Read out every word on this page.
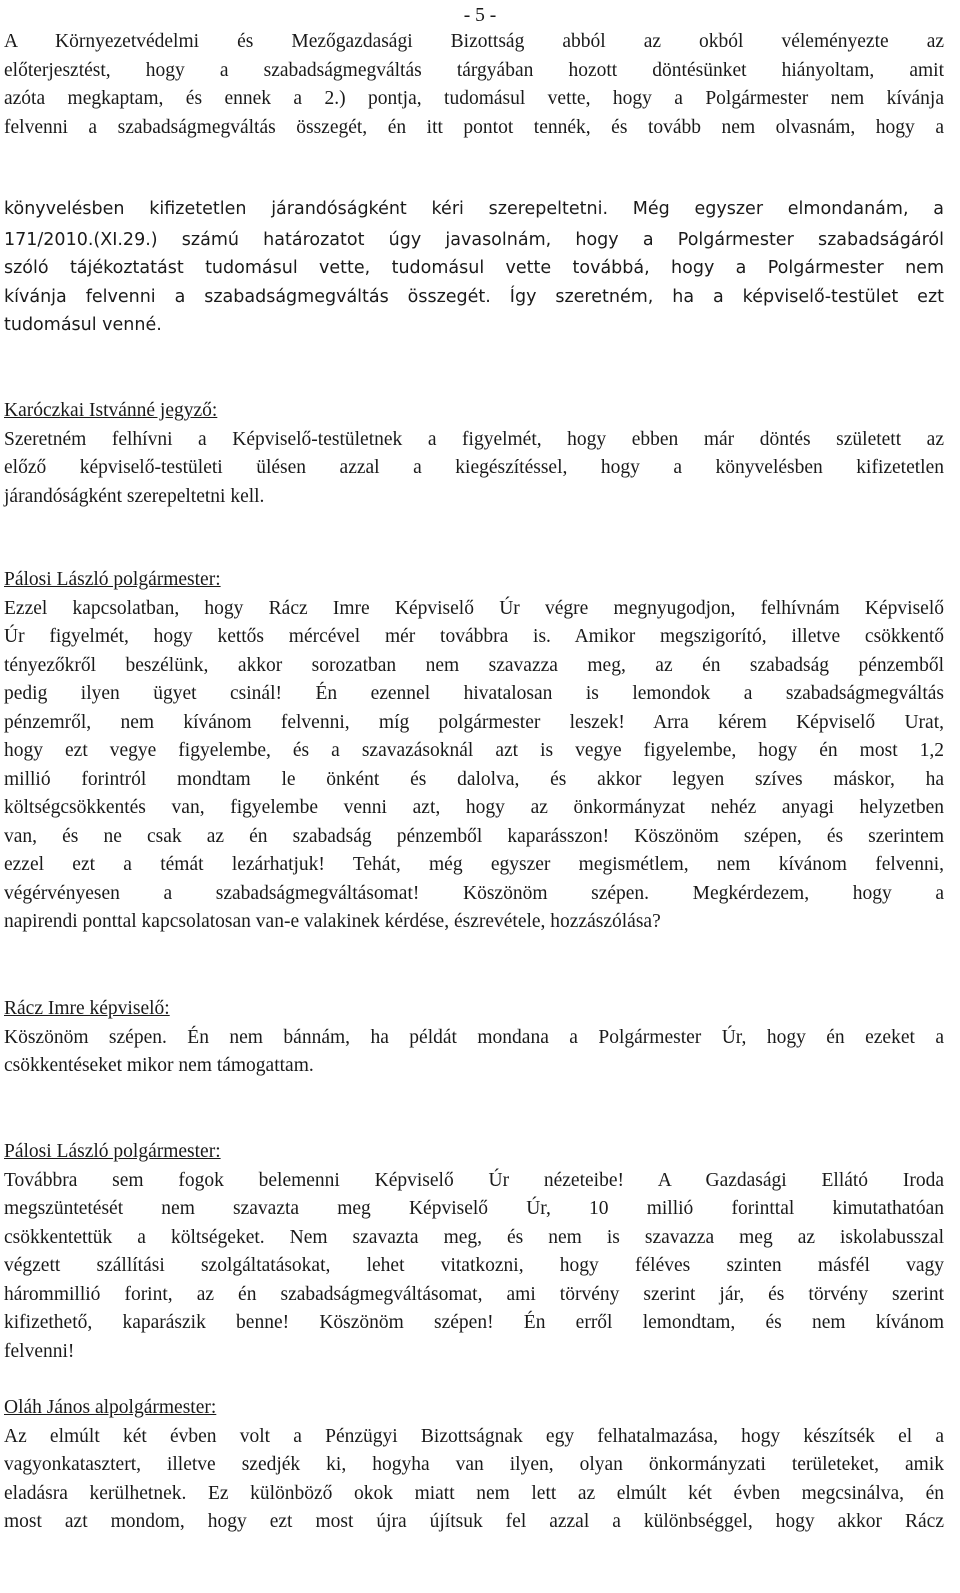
- 5 -
A Környezetvédelmi és Mezőgazdasági Bizottság abból az okból véleményezte az
előterjesztést, hogy a szabadságmegváltás tárgyában hozott döntésünket hiányoltam, amit
azóta megkaptam, és ennek a 2.) pontja, tudomásul vette, hogy a Polgármester nem kívánja
felvenni a szabadságmegváltás összegét, én itt pontot tennék, és tovább nem olvasnám, hogy a
könyvelésben kifizetetlen járandóságként kéri szerepeltetni. Még egyszer elmondanám, a
171/2010.(XI.29.) számú határozatot úgy javasolnám, hogy a Polgármester szabadságáról
szóló tájékoztatást tudomásul vette, tudomásul vette továbbá, hogy a Polgármester nem
kívánja felvenni a szabadságmegváltás összegét. Így szeretném, ha a képviselő-testület ezt
tudomásul venné.
Karóczkai Istvánné jegyző:
Szeretném felhívni a Képviselő-testületnek a figyelmét, hogy ebben már döntés született az
előző képviselő-testületi ülésen azzal a kiegészítéssel, hogy a könyvelésben kifizetetlen
járandóságként szerepeltetni kell.
Pálosi László polgármester:
Ezzel kapcsolatban, hogy Rácz Imre Képviselő Úr végre megnyugodjon, felhívnám Képviselő
Úr figyelmét, hogy kettős mércével mér továbbra is. Amikor megszigorító, illetve csökkentő
tényezőkről beszélünk, akkor sorozatban nem szavazza meg, az én szabadság pénzemből
pedig ilyen ügyet csinál! Én ezennel hivatalosan is lemondok a szabadságmegváltás
pénzemről, nem kívánom felvenni, míg polgármester leszek! Arra kérem Képviselő Urat,
hogy ezt vegye figyelembe, és a szavazásoknál azt is vegye figyelembe, hogy én most 1,2
millió forintról mondtam le önként és dalolva, és akkor legyen szíves máskor, ha
költségcsökkentés van, figyelembe venni azt, hogy az önkormányzat nehéz anyagi helyzetben
van, és ne csak az én szabadság pénzemből kaparásszon! Köszönöm szépen, és szerintem
ezzel ezt a témát lezárhatjuk! Tehát, még egyszer megismétlem, nem kívánom felvenni,
végérvényesen a szabadságmegváltásomat! Köszönöm szépen. Megkérdezem, hogy a
napirendi ponttal kapcsolatosan van-e valakinek kérdése, észrevétele, hozzászólása?
Rácz Imre képviselő:
Köszönöm szépen. Én nem bánnám, ha példát mondana a Polgármester Úr, hogy én ezeket a
csökkentéseket mikor nem támogattam.
Pálosi László polgármester:
Továbbra sem fogok belemenni Képviselő Úr nézeteibe! A Gazdasági Ellátó Iroda
megszüntetését nem szavazta meg Képviselő Úr, 10 millió forinttal kimutathatóan
csökkentettük a költségeket. Nem szavazta meg, és nem is szavazza meg az iskolabusszal
végzett szállítási szolgáltatásokat, lehet vitatkozni, hogy féléves szinten másfél vagy
hárommillió forint, az én szabadságmegváltásomat, ami törvény szerint jár, és törvény szerint
kifizethető, kaparászik benne! Köszönöm szépen! Én erről lemondtam, és nem kívánom
felvenni!
Oláh János alpolgármester:
Az elmúlt két évben volt a Pénzügyi Bizottságnak egy felhatalmazása, hogy készítsék el a
vagyonkatasztert, illetve szedjék ki, hogyha van ilyen, olyan önkormányzati területeket, amik
eladásra kerülhetnek. Ez különböző okok miatt nem lett az elmúlt két évben megcsinálva, én
most azt mondom, hogy ezt most újra újítsuk fel azzal a különbséggel, hogy akkor Rácz
